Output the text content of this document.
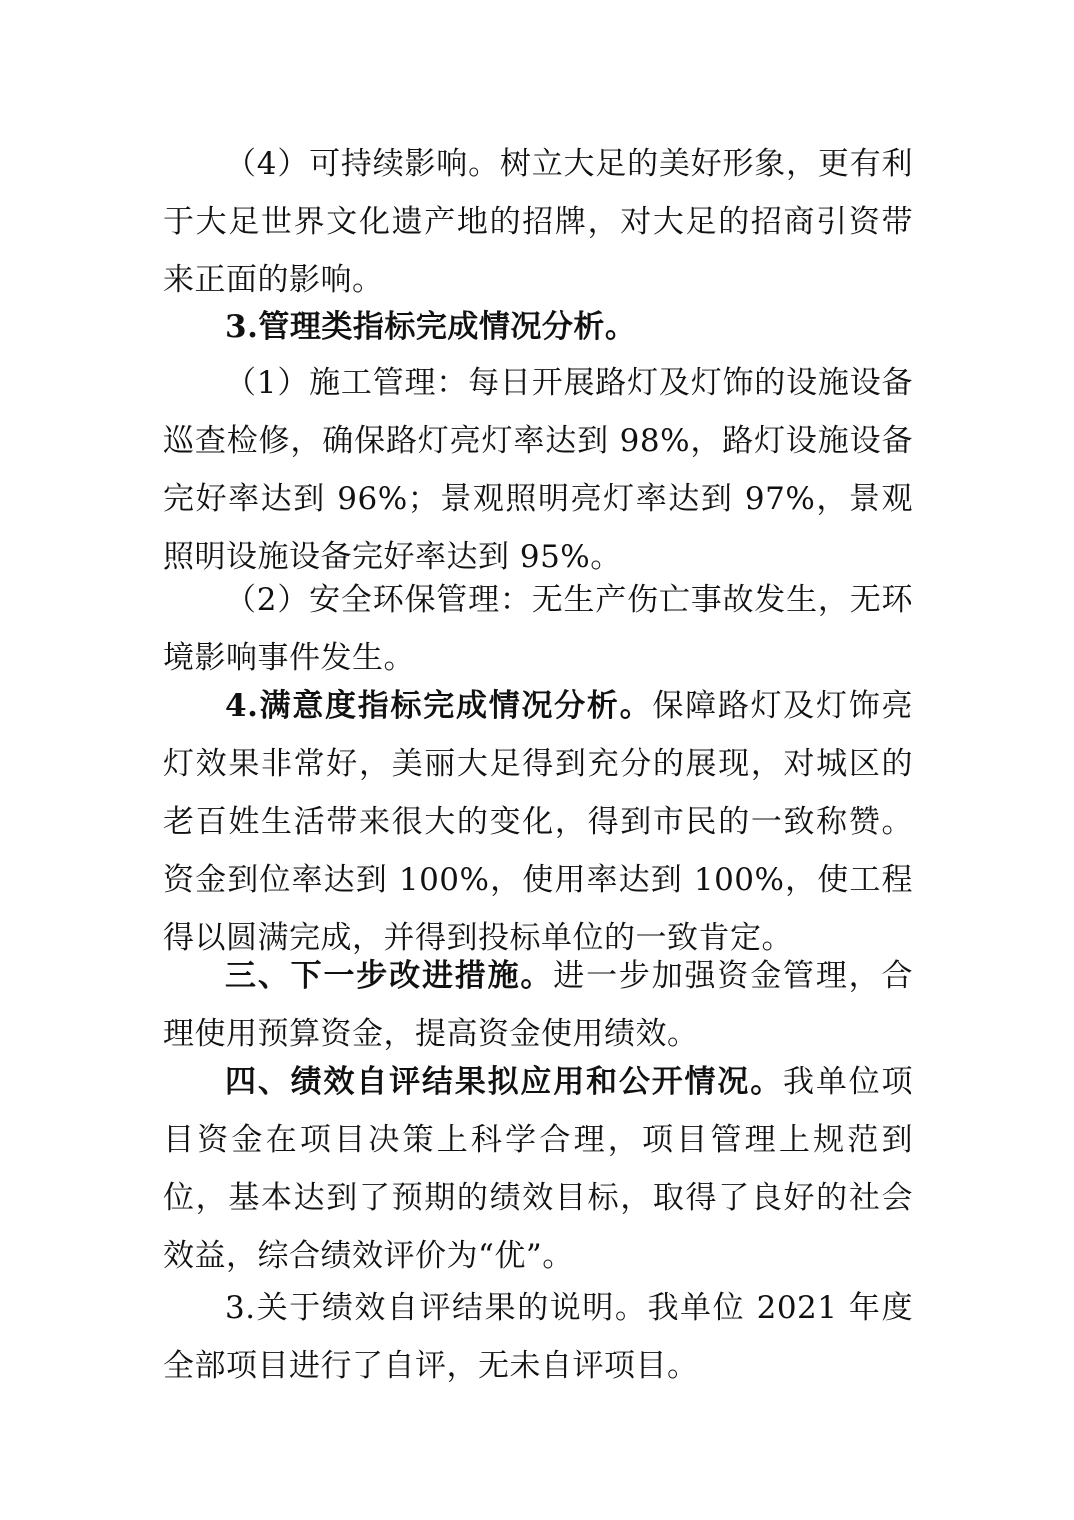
（4）可持续影响。树立大足的美好形象，更有利于大足世界文化遗产地的招牌，对大足的招商引资带来正面的影响。

3.管理类指标完成情况分析。

（1）施工管理：每日开展路灯及灯饰的设施设备巡查检修，确保路灯亮灯率达到 98%，路灯设施设备完好率达到 96%；景观照明亮灯率达到 97%，景观照明设施设备完好率达到 95%。

（2）安全环保管理：无生产伤亡事故发生，无环境影响事件发生。

4.满意度指标完成情况分析。保障路灯及灯饰亮灯效果非常好，美丽大足得到充分的展现，对城区的老百姓生活带来很大的变化，得到市民的一致称赞。资金到位率达到 100%，使用率达到 100%，使工程得以圆满完成，并得到投标单位的一致肯定。

三、下一步改进措施。进一步加强资金管理，合理使用预算资金，提高资金使用绩效。

四、绩效自评结果拟应用和公开情况。我单位项目资金在项目决策上科学合理，项目管理上规范到位，基本达到了预期的绩效目标，取得了良好的社会效益，综合绩效评价为“优”。

3.关于绩效自评结果的说明。我单位 2021 年度全部项目进行了自评，无未自评项目。
